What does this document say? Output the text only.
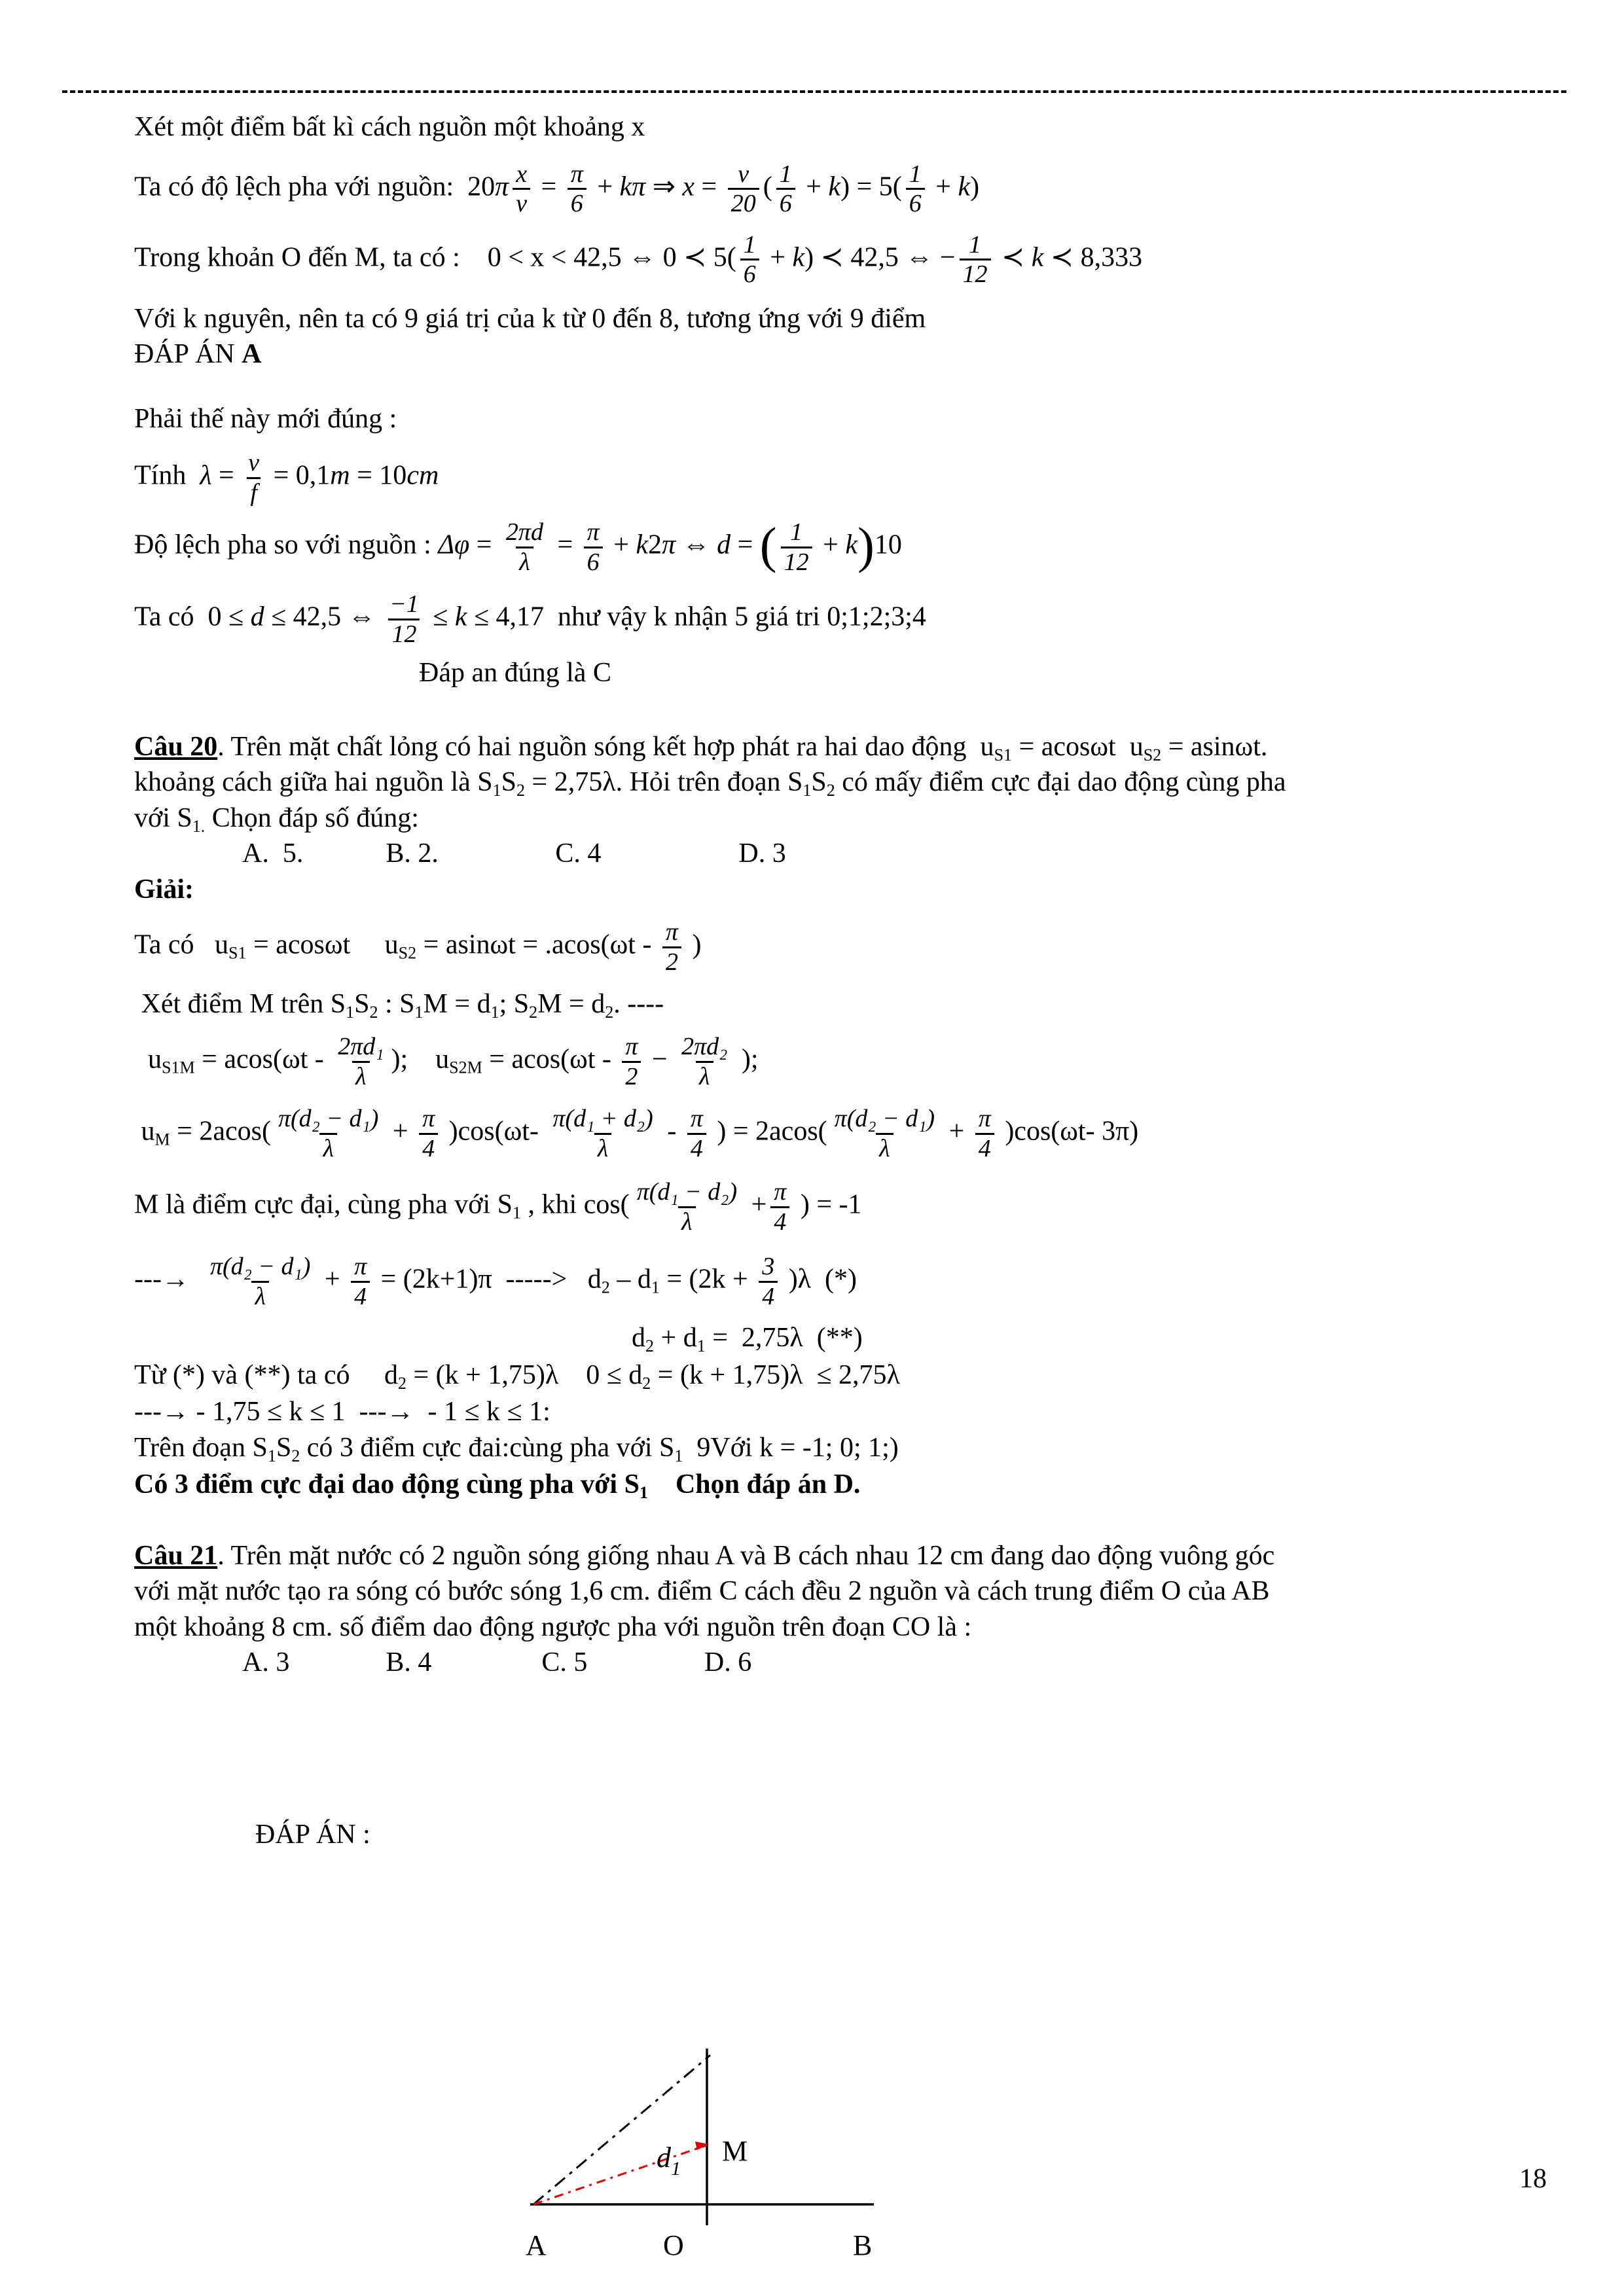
Xét một điểm bất kì cách nguồn một khoảng x
Ta có độ lệch pha với nguồn:  $20\pi \frac{x}{v} = \frac{\pi}{6} + k\pi$ ⇒ $x = \frac{v}{20}$ ( $\frac{1}{6} + k) = 5( \frac{1}{6} + k)$
Trong khoản O đến M, ta có :    0 < x < 42,5 ⇔ 0 ≺ $5( \frac{1}{6} + k)$ ≺ 42,5 ⇔ − $\frac{1}{12}$ ≺ k ≺ 8,333
Với k nguyên, nên ta có 9 giá trị của k từ 0 đến 8, tương ứng với 9 điểm
ĐÁP ÁN A
Phải thế này mới đúng :
Tính  $\lambda = \frac{v}{f} = 0,1m = 10cm$
Độ lệch pha so với nguồn : $\Delta\varphi = \frac{2\pi d}{\lambda} = \frac{\pi}{6} + k2\pi$ ⇔ d = ( $\frac{1}{12} + k)10$
Ta có  0 ≤ d ≤ 42,5 ⇔ $\frac{-1}{12} \le k \le 4,17$  như vậy k nhận 5 giá tri 0;1;2;3;4
Đáp an đúng là C
Câu 20. Trên mặt chất lỏng có hai nguồn sóng kết hợp phát ra hai dao động  uS1 = acosωt  uS2 = asinωt.
khoảng cách giữa hai nguồn là S1S2 = 2,75λ. Hỏi trên đoạn S1S2 có mấy điểm cực đại dao động cùng pha
với S1. Chọn đáp số đúng:
A.  5.            B. 2.                 C. 4                    D. 3
Giải:
Ta có   uS1 = acosωt     $uS2 = asin\omega t = .acos(\omega t - \frac{\pi}{2}$ )
Xét điểm M trên S1S2 : S1M = d1; S2M = d2. ----
$uS1M = acos(\omega t - \frac{\text{2πd₁}}{\lambda}$ );    $uS2M = acos(\omega t - \frac{\pi}{2} - \frac{\text{2πd₂}}{\lambda}$ );
uM = $2acos( \frac{\text{π(d₂ − d₁)}}{\lambda} + \frac{\pi}{4} )\cos(\omega t- \frac{\text{π(d₁ + d₂)}}{\lambda} - \frac{\pi}{4}$ ) = $2acos( \frac{\text{π(d₂ − d₁)}}{\lambda} + \frac{\pi}{4} )\cos(\omega t-$ 3π)
M là điểm cực đại, cùng pha với S1 , khi $\cos( \frac{\text{π(d₁ − d₂)}}{\lambda} + \frac{\pi}{4}$ ) = -1
---→ $\frac{\text{π(d₂ − d₁)}}{\lambda} + \frac{\pi}{4} = (2k+1)\pi$  ----->   $d2 - d1 = (2k + \frac{3}{4} )\lambda$  (*)
d2 + d1 =  2,75λ  (**)
Từ (*) và (**) ta có     d2 = (k + 1,75)λ    0 ≤ d2 = (k + 1,75)λ  ≤ 2,75λ
---→ - 1,75 ≤ k ≤ 1  ---→  - 1 ≤ k ≤ 1:
Trên đoạn S1S2 có 3 điểm cực đai:cùng pha với S1  9Với k = -1; 0; 1;)
Có 3 điểm cực đại dao động cùng pha với S1    Chọn đáp án D.
Câu 21. Trên mặt nước có 2 nguồn sóng giống nhau A và B cách nhau 12 cm đang dao động vuông góc
với mặt nước tạo ra sóng có bước sóng 1,6 cm. điểm C cách đều 2 nguồn và cách trung điểm O của AB
một khoảng 8 cm. số điểm dao động ngược pha với nguồn trên đoạn CO là :
A. 3              B. 4                C. 5                 D. 6
ĐÁP ÁN :
$d_1$
M
A	O	B
18
